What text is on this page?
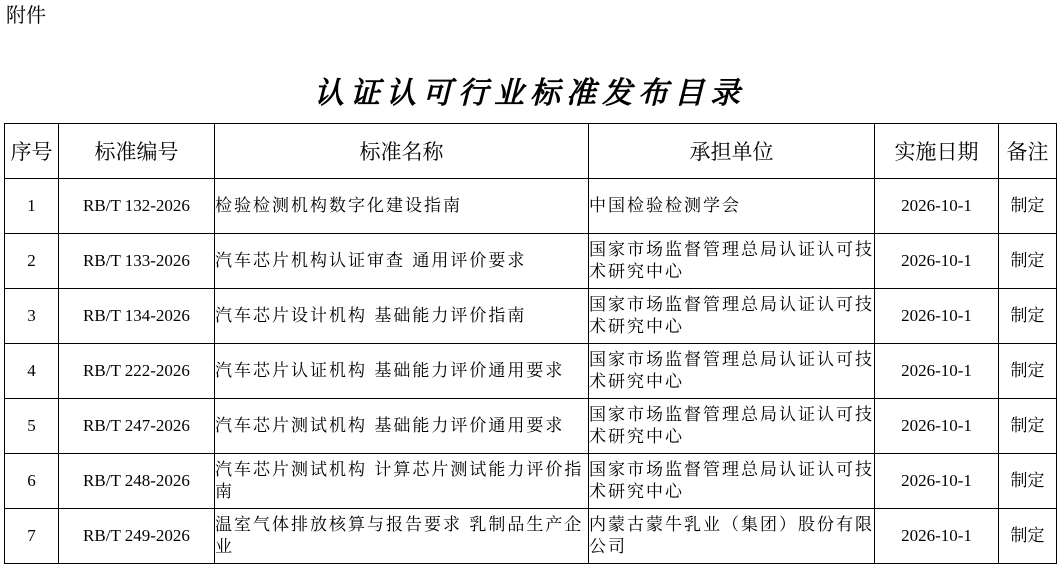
附件
认证认可行业标准发布目录
序号	标准编号	标准名称	承担单位	实施日期	备注
1	RB/T 132-2026	检验检测机构数字化建设指南	中国检验检测学会	2026-10-1	制定
2	RB/T 133-2026	汽车芯片机构认证审查 通用评价要求	国家市场监督管理总局认证认可技术研究中心	2026-10-1	制定
3	RB/T 134-2026	汽车芯片设计机构 基础能力评价指南	国家市场监督管理总局认证认可技术研究中心	2026-10-1	制定
4	RB/T 222-2026	汽车芯片认证机构 基础能力评价通用要求	国家市场监督管理总局认证认可技术研究中心	2026-10-1	制定
5	RB/T 247-2026	汽车芯片测试机构 基础能力评价通用要求	国家市场监督管理总局认证认可技术研究中心	2026-10-1	制定
6	RB/T 248-2026	汽车芯片测试机构 计算芯片测试能力评价指南	国家市场监督管理总局认证认可技术研究中心	2026-10-1	制定
7	RB/T 249-2026	温室气体排放核算与报告要求 乳制品生产企业	内蒙古蒙牛乳业（集团）股份有限公司	2026-10-1	制定
